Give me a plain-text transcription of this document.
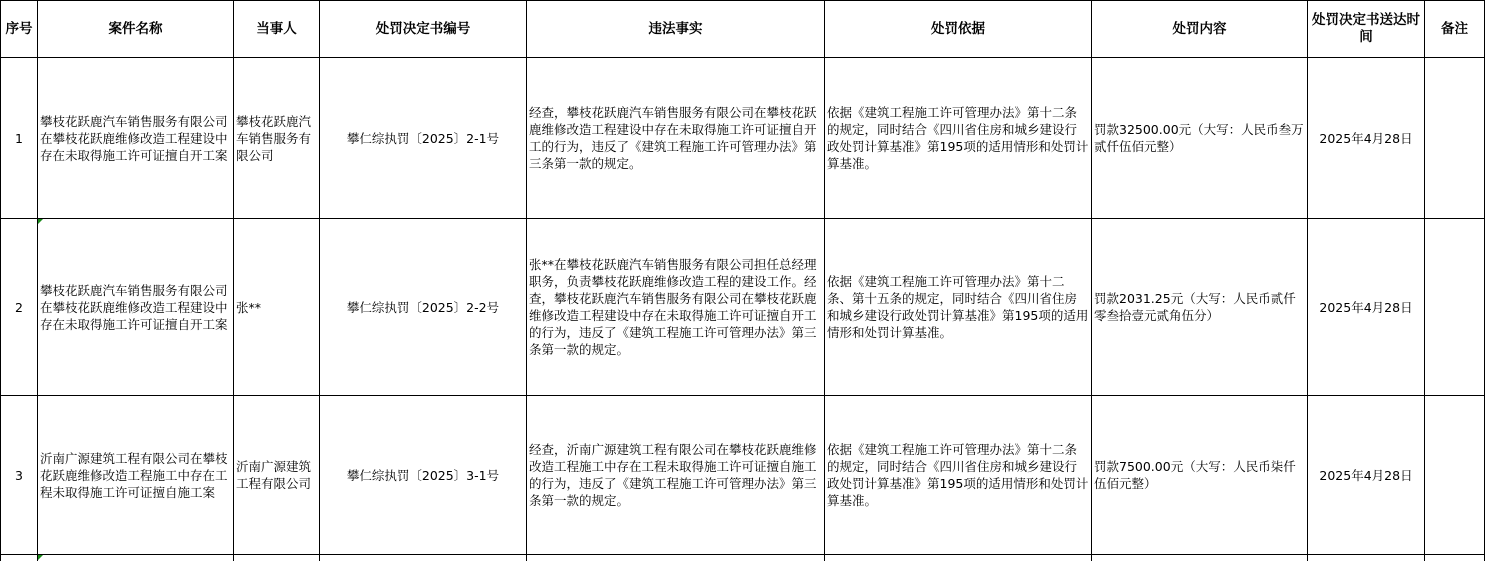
序号	案件名称	当事人	处罚决定书编号	违法事实	处罚依据	处罚内容	处罚决定书送达时间	备注
1	攀枝花跃鹿汽车销售服务有限公司在攀枝花跃鹿维修改造工程建设中存在未取得施工许可证擅自开工案	攀枝花跃鹿汽车销售服务有限公司	攀仁综执罚〔2025〕2-1号	经查，攀枝花跃鹿汽车销售服务有限公司在攀枝花跃鹿维修改造工程建设中存在未取得施工许可证擅自开工的行为，违反了《建筑工程施工许可管理办法》第三条第一款的规定。	依据《建筑工程施工许可管理办法》第十二条的规定，同时结合《四川省住房和城乡建设行政处罚计算基准》第195项的适用情形和处罚计算基准。	罚款32500.00元（大写：人民币叁万贰仟伍佰元整）	2025年4月28日	
2	攀枝花跃鹿汽车销售服务有限公司在攀枝花跃鹿维修改造工程建设中存在未取得施工许可证擅自开工案	张**	攀仁综执罚〔2025〕2-2号	张**在攀枝花跃鹿汽车销售服务有限公司担任总经理职务，负责攀枝花跃鹿维修改造工程的建设工作。经查，攀枝花跃鹿汽车销售服务有限公司在攀枝花跃鹿维修改造工程建设中存在未取得施工许可证擅自开工的行为，违反了《建筑工程施工许可管理办法》第三条第一款的规定。	依据《建筑工程施工许可管理办法》第十二条、第十五条的规定，同时结合《四川省住房和城乡建设行政处罚计算基准》第195项的适用情形和处罚计算基准。	罚款2031.25元（大写：人民币贰仟零叁拾壹元贰角伍分）	2025年4月28日	
3	沂南广源建筑工程有限公司在攀枝花跃鹿维修改造工程施工中存在工程未取得施工许可证擅自施工案	沂南广源建筑工程有限公司	攀仁综执罚〔2025〕3-1号	经查，沂南广源建筑工程有限公司在攀枝花跃鹿维修改造工程施工中存在工程未取得施工许可证擅自施工的行为，违反了《建筑工程施工许可管理办法》第三条第一款的规定。	依据《建筑工程施工许可管理办法》第十二条的规定，同时结合《四川省住房和城乡建设行政处罚计算基准》第195项的适用情形和处罚计算基准。	罚款7500.00元（大写：人民币柒仟伍佰元整）	2025年4月28日	
